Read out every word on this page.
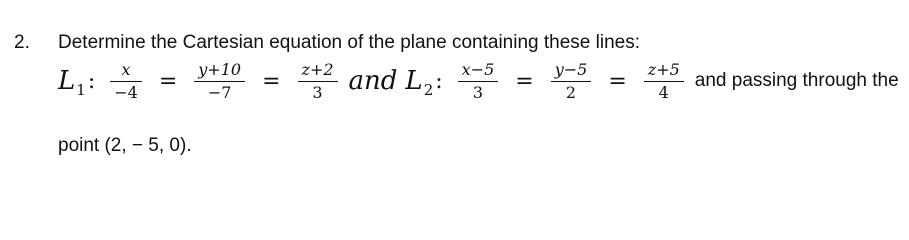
2. Determine the Cartesian equation of the plane containing these lines:
L 1 : $\frac{x}{-4} = \frac{y+10}{-7} = \frac{z+2}{3}$ and L 2 : $\frac{x-5}{3} = \frac{y-5}{2} = \frac{z+5}{4}$ and passing through the
point (2, − 5, 0).
